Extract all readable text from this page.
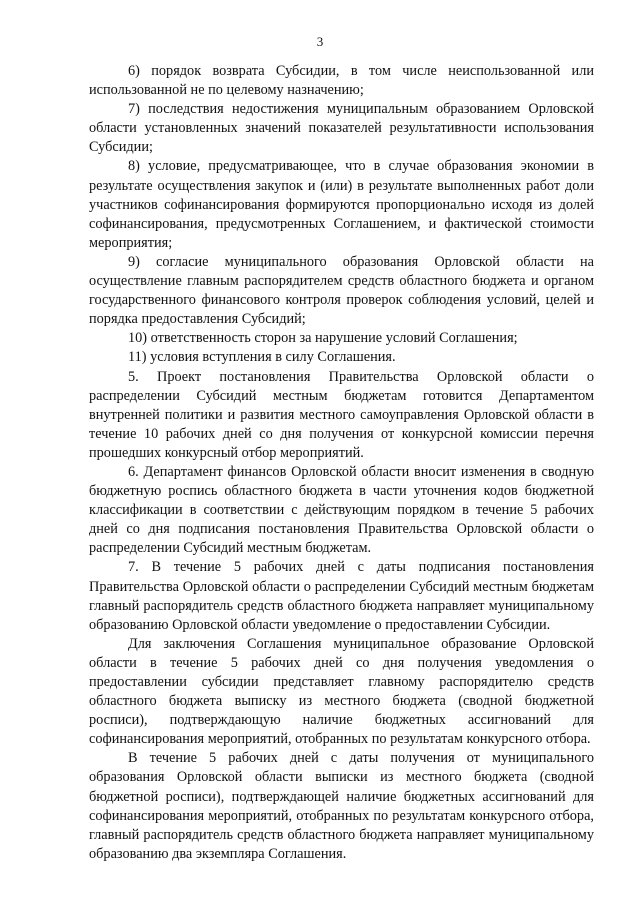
3

6) порядок возврата Субсидии, в том числе неиспользованной или использованной не по целевому назначению;

7) последствия недостижения муниципальным образованием Орловской области установленных значений показателей результативности использования Субсидии;

8) условие, предусматривающее, что в случае образования экономии в результате осуществления закупок и (или) в результате выполненных работ доли участников софинансирования формируются пропорционально исходя из долей софинансирования, предусмотренных Соглашением, и фактической стоимости мероприятия;

9) согласие муниципального образования Орловской области на осуществление главным распорядителем средств областного бюджета и органом государственного финансового контроля проверок соблюдения условий, целей и порядка предоставления Субсидий;

10) ответственность сторон за нарушение условий Соглашения;

11) условия вступления в силу Соглашения.

5. Проект постановления Правительства Орловской области о распределении Субсидий местным бюджетам готовится Департаментом внутренней политики и развития местного самоуправления Орловской области в течение 10 рабочих дней со дня получения от конкурсной комиссии перечня прошедших конкурсный отбор мероприятий.

6. Департамент финансов Орловской области вносит изменения в сводную бюджетную роспись областного бюджета в части уточнения кодов бюджетной классификации в соответствии с действующим порядком в течение 5 рабочих дней со дня подписания постановления Правительства Орловской области о распределении Субсидий местным бюджетам.

7. В течение 5 рабочих дней с даты подписания постановления Правительства Орловской области о распределении Субсидий местным бюджетам главный распорядитель средств областного бюджета направляет муниципальному образованию Орловской области уведомление о предоставлении Субсидии.

Для заключения Соглашения муниципальное образование Орловской области в течение 5 рабочих дней со дня получения уведомления о предоставлении субсидии представляет главному распорядителю средств областного бюджета выписку из местного бюджета (сводной бюджетной росписи), подтверждающую наличие бюджетных ассигнований для софинансирования мероприятий, отобранных по результатам конкурсного отбора.

В течение 5 рабочих дней с даты получения от муниципального образования Орловской области выписки из местного бюджета (сводной бюджетной росписи), подтверждающей наличие бюджетных ассигнований для софинансирования мероприятий, отобранных по результатам конкурсного отбора, главный распорядитель средств областного бюджета направляет муниципальному образованию два экземпляра Соглашения.
